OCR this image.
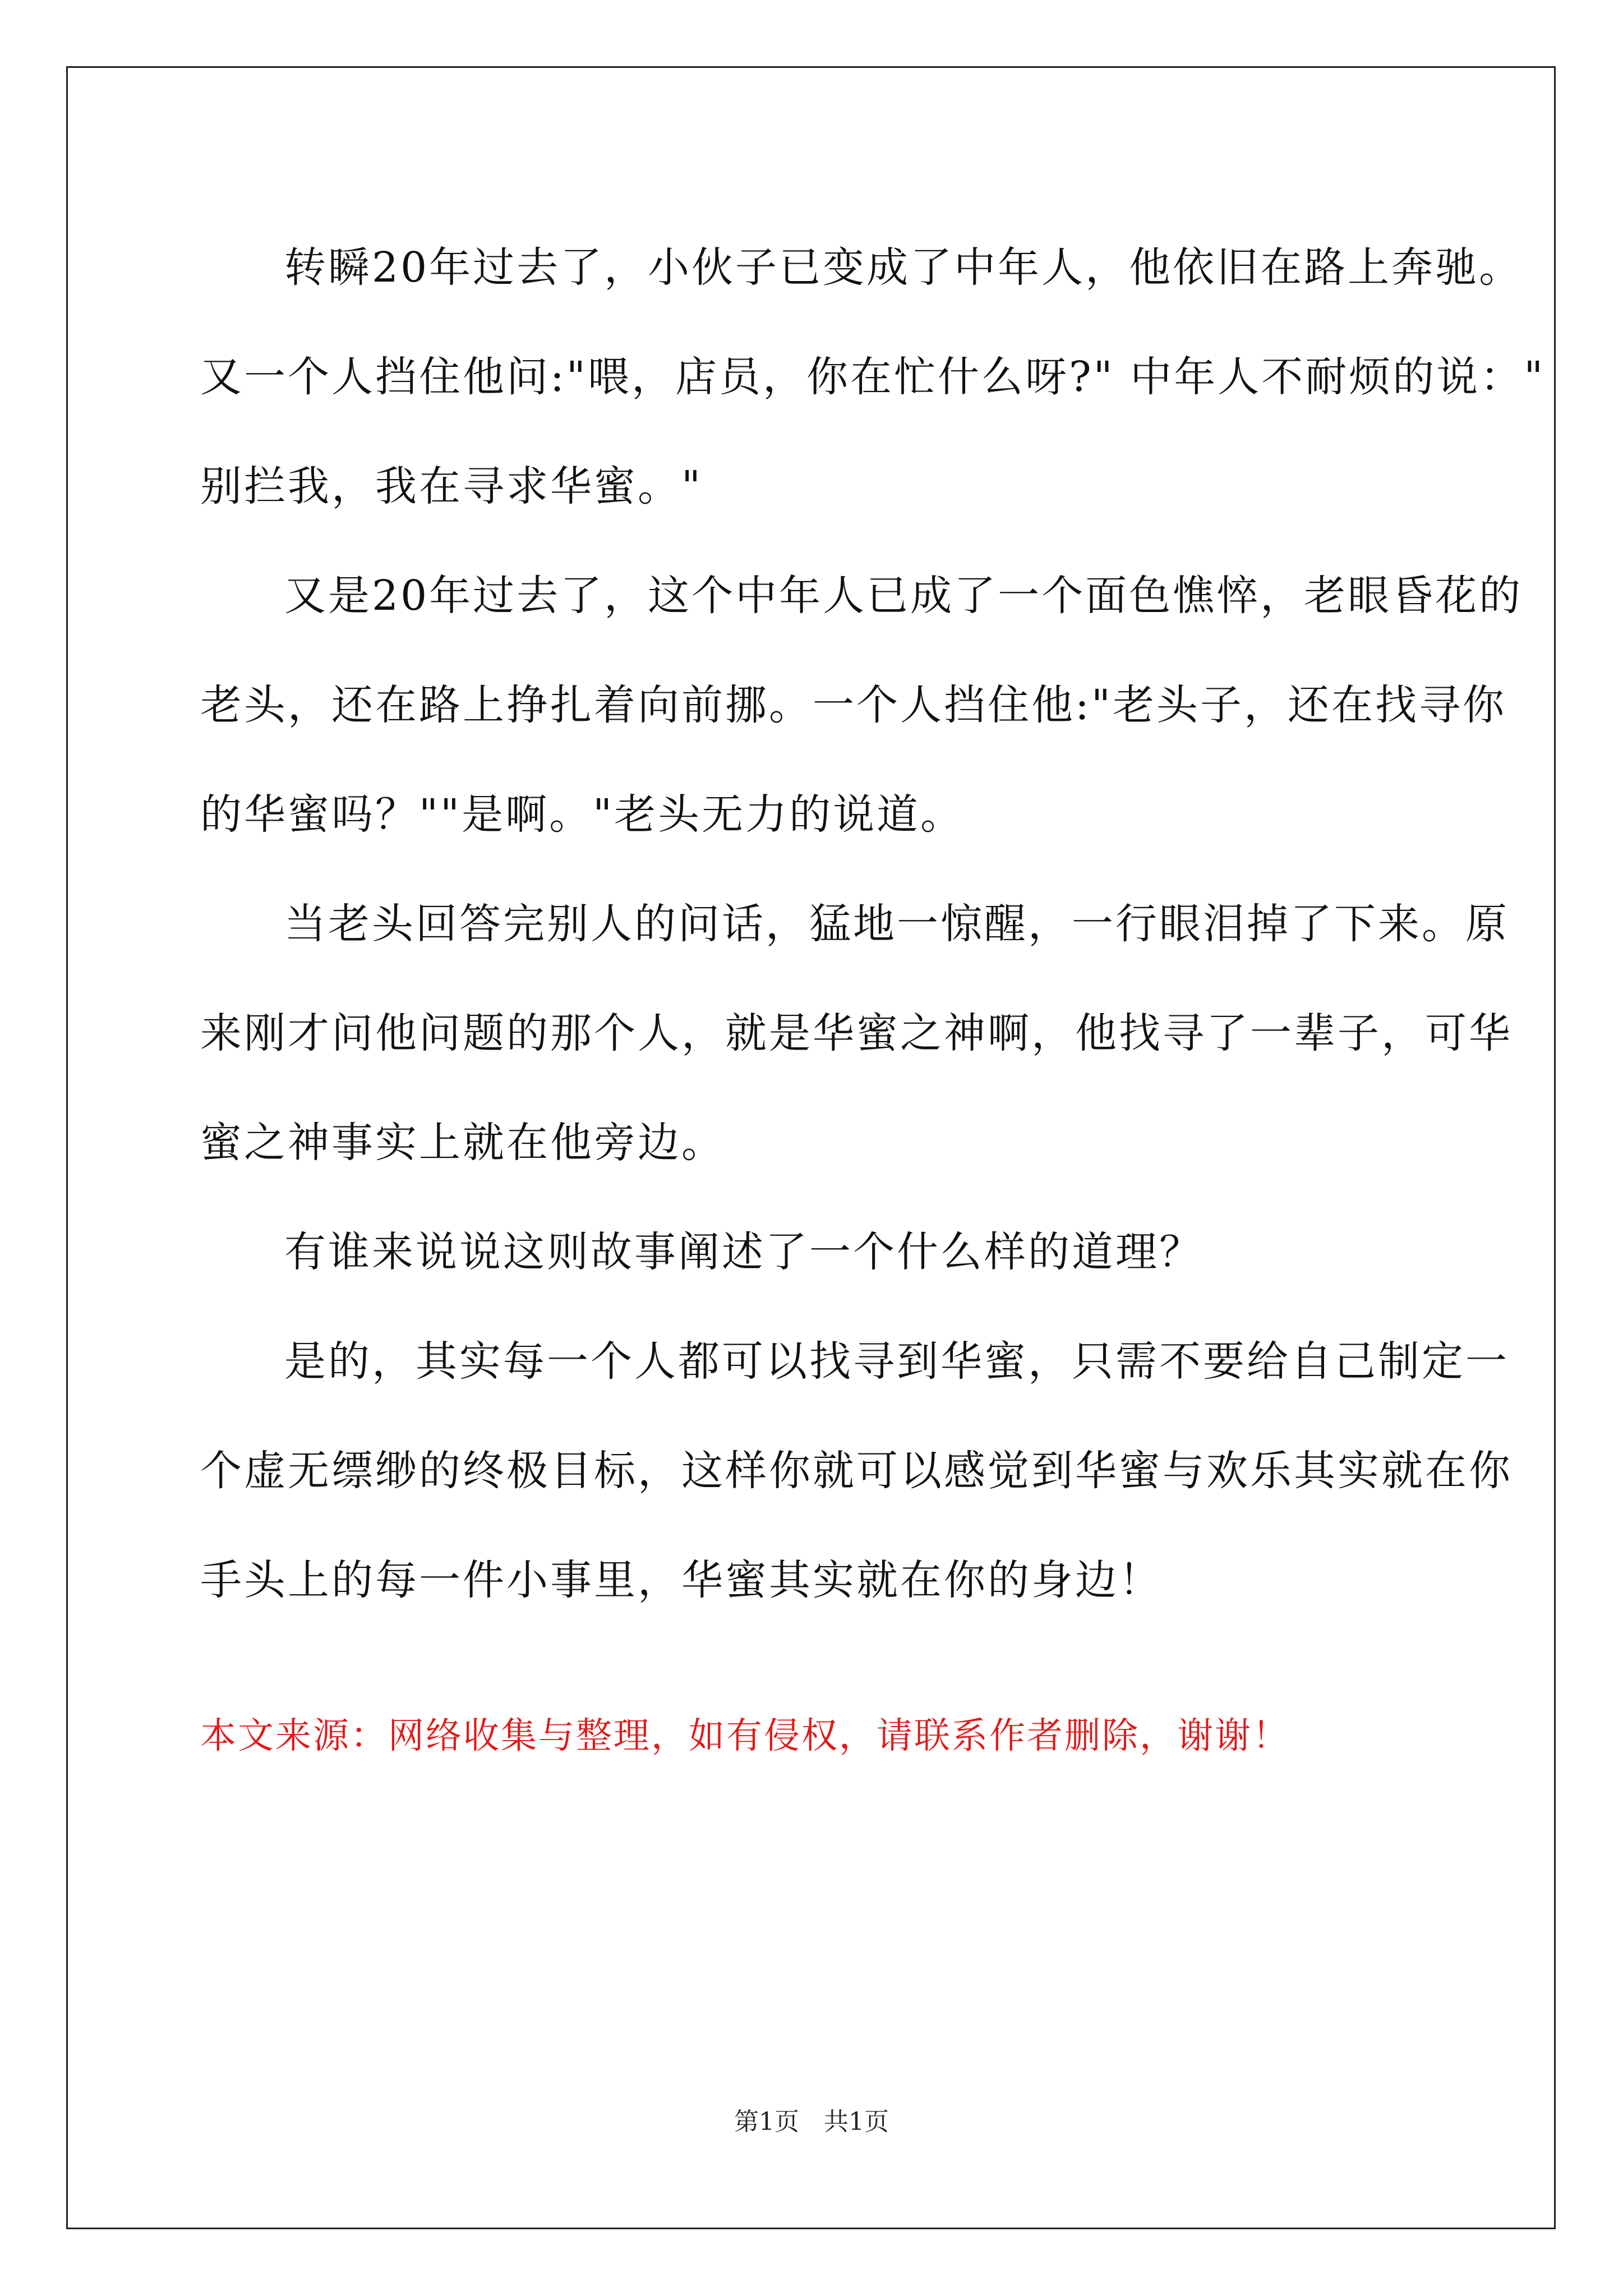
转瞬20年过去了，小伙子已变成了中年人，他依旧在路上奔驰。
又一个人挡住他问:"喂，店员，你在忙什么呀?" 中年人不耐烦的说："
别拦我，我在寻求华蜜。"

又是20年过去了，这个中年人已成了一个面色憔悴，老眼昏花的
老头，还在路上挣扎着向前挪。一个人挡住他:"老头子，还在找寻你
的华蜜吗？""是啊。"老头无力的说道。

当老头回答完别人的问话，猛地一惊醒，一行眼泪掉了下来。原
来刚才问他问题的那个人，就是华蜜之神啊，他找寻了一辈子，可华
蜜之神事实上就在他旁边。

有谁来说说这则故事阐述了一个什么样的道理？

是的，其实每一个人都可以找寻到华蜜，只需不要给自己制定一
个虚无缥缈的终极目标，这样你就可以感觉到华蜜与欢乐其实就在你
手头上的每一件小事里，华蜜其实就在你的身边！

本文来源：网络收集与整理，如有侵权，请联系作者删除，谢谢！
第1页　共1页
